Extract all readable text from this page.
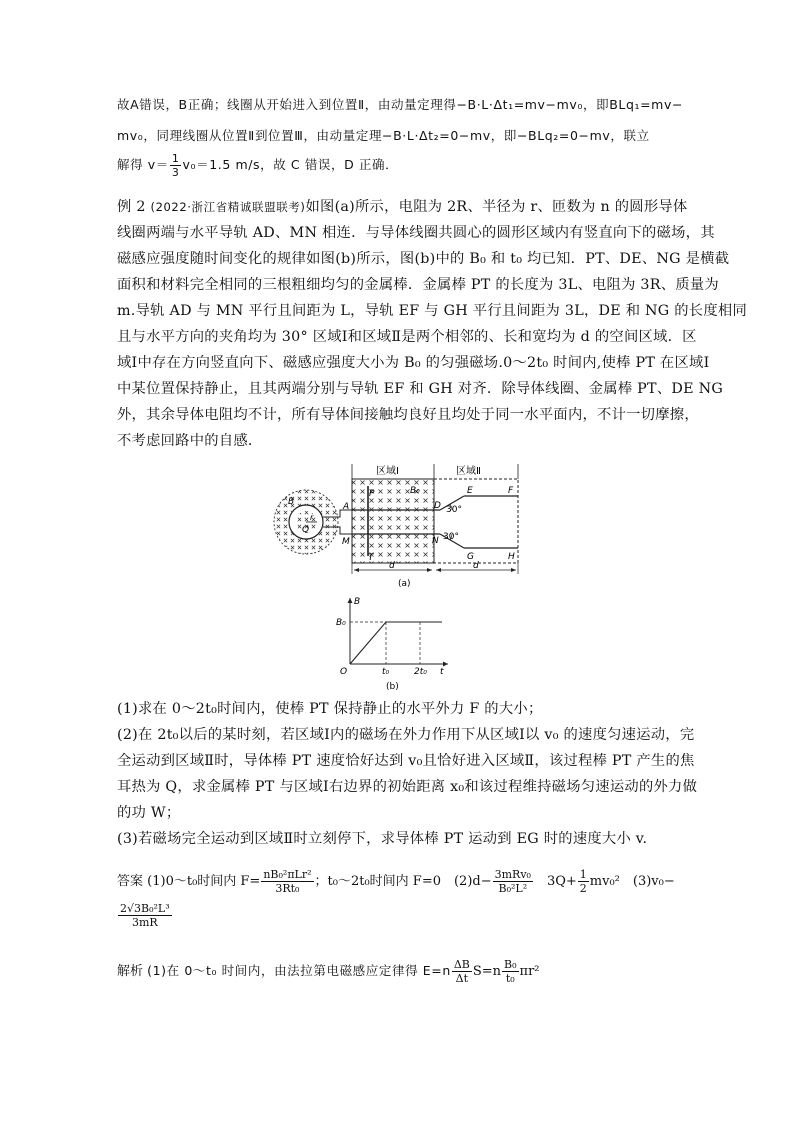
故A错误，B正确；线圈从开始进入到位置Ⅱ，由动量定理得−B·L·Δt₁=mv−mv₀，即BLq₁=mv−
mv₀，同理线圈从位置Ⅱ到位置Ⅲ，由动量定理−B·L·Δt₂=0−mv，即−BLq₂=0−mv，联立
解得 $v= \frac{1}{3} v_0=1.5$ m/s，故 C 错误，D 正确．
例 2 (2022·浙江省精诚联盟联考)如图(a)所示，电阻为 2R、半径为 r、匝数为 n 的圆形导体
线圈两端与水平导轨 AD、MN 相连．与导体线圈共圆心的圆形区域内有竖直向下的磁场，其
磁感应强度随时间变化的规律如图(b)所示，图(b)中的 B₀ 和 t₀ 均已知．PT、DE、NG 是横截
面积和材料完全相同的三根粗细均匀的金属棒．金属棒 PT 的长度为 3L、电阻为 3R、质量为
m.导轨 AD 与 MN 平行且间距为 L，导轨 EF 与 GH 平行且间距为 3L，DE 和 NG 的长度相同
且与水平方向的夹角均为 30° 区域Ⅰ和区域Ⅱ是两个相邻的、长和宽均为 d 的空间区域．区
域Ⅰ中存在方向竖直向下、磁感应强度大小为 B₀ 的匀强磁场.0～2t₀ 时间内,使棒 PT 在区域Ⅰ
中某位置保持静止，且其两端分别与导轨 EF 和 GH 对齐．除导体线圈、金属棒 PT、DE NG
外，其余导体电阻均不计，所有导体间接触均良好且均处于同一水平面内，不计一切摩擦，
不考虑回路中的自感．
区域Ⅰ	区域Ⅱ
B
P	B₀
A	D
E	F
r
Q
M	N
G	H
T
30°
30°
d	d
(a)
B
B₀
O	t₀	2t₀ t
(b)
(1)求在 0～2t₀时间内，使棒 PT 保持静止的水平外力 F 的大小；
(2)在 2t₀以后的某时刻，若区域Ⅰ内的磁场在外力作用下从区域Ⅰ以 v₀ 的速度匀速运动，完
全运动到区域Ⅱ时，导体棒 PT 速度恰好达到 v₀且恰好进入区域Ⅱ，该过程棒 PT 产生的焦
耳热为 Q，求金属棒 PT 与区域Ⅰ右边界的初始距离 x₀和该过程维持磁场匀速运动的外力做
的功 W；
(3)若磁场完全运动到区域Ⅱ时立刻停下，求导体棒 PT 运动到 EG 时的速度大小 v.
答案 (1)0～t₀时间内 $F= \frac{\text{nB₀²πLr²}}{\text{3Rt₀}}$ ；t₀～2t₀时间内 F=0　$(2)d- \frac{\text{3mRv₀}}{\text{B₀²L²}}$ 　$3Q+ \frac{1}{2} mv_0^2$　(3)v₀−
$\frac{\text{2√3B₀²L³}}{3mR}$
解析 (1)在 0～t₀ 时间内，由法拉第电磁感应定律得 $E=n \frac{\Delta B}{\Delta t} S=n \frac{\text{B₀}}{\text{t₀}} \pi r^2$
